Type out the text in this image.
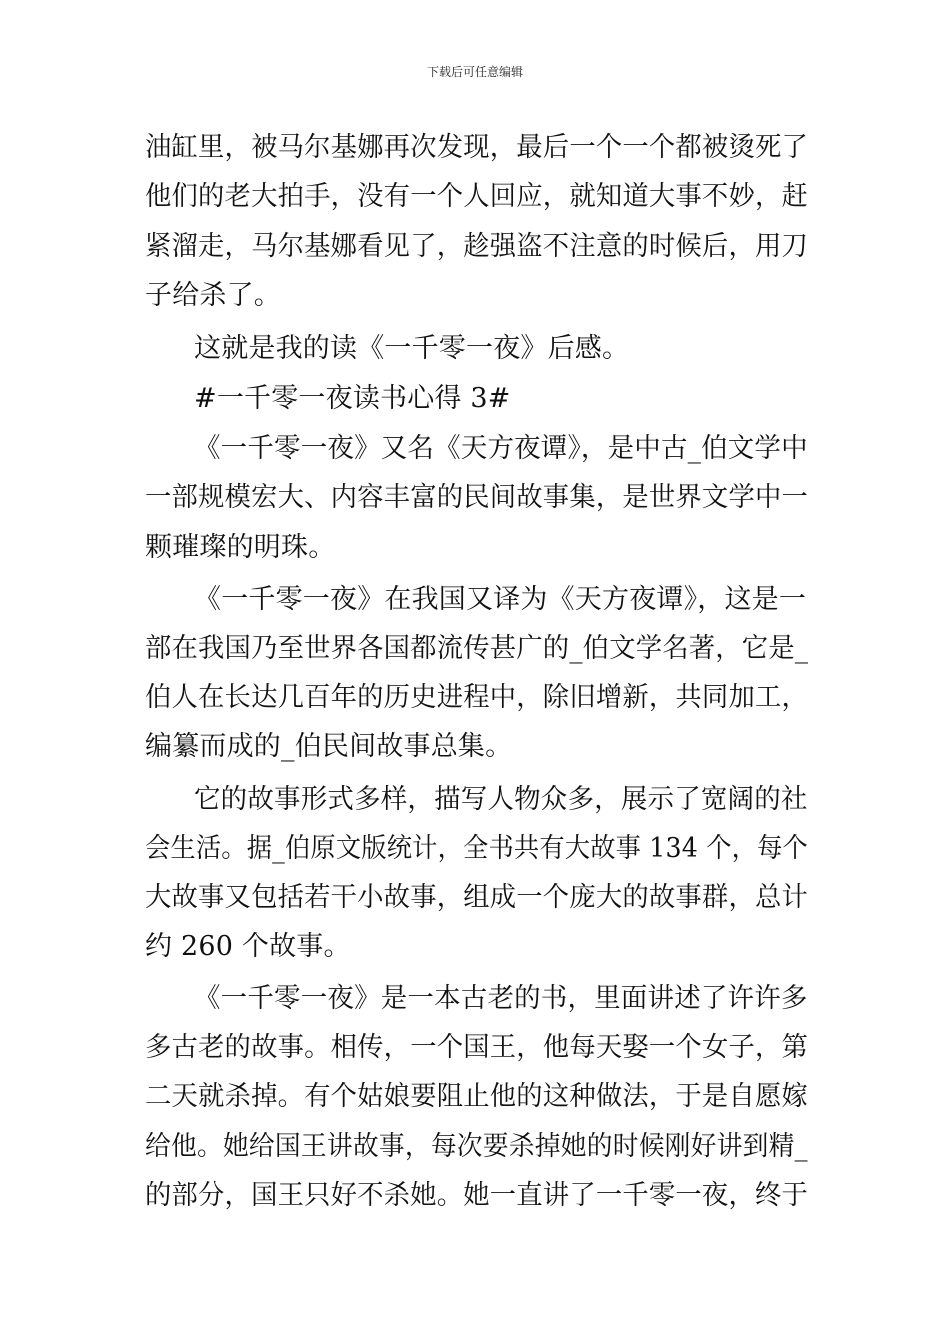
下载后可任意编辑
油缸里，被马尔基娜再次发现，最后一个一个都被烫死了
他们的老大拍手，没有一个人回应，就知道大事不妙，赶
紧溜走，马尔基娜看见了，趁强盗不注意的时候后，用刀
子给杀了。
这就是我的读《一千零一夜》后感。
#一千零一夜读书心得 3#
《一千零一夜》又名《天方夜谭》，是中古_伯文学中
一部规模宏大、内容丰富的民间故事集，是世界文学中一
颗璀璨的明珠。
《一千零一夜》在我国又译为《天方夜谭》，这是一
部在我国乃至世界各国都流传甚广的_伯文学名著，它是_
伯人在长达几百年的历史进程中，除旧增新，共同加工，
编纂而成的_伯民间故事总集。
它的故事形式多样，描写人物众多，展示了宽阔的社
会生活。据_伯原文版统计，全书共有大故事 134 个，每个
大故事又包括若干小故事，组成一个庞大的故事群，总计
约 260 个故事。
《一千零一夜》是一本古老的书，里面讲述了许许多
多古老的故事。相传，一个国王，他每天娶一个女子，第
二天就杀掉。有个姑娘要阻止他的这种做法，于是自愿嫁
给他。她给国王讲故事，每次要杀掉她的时候刚好讲到精_
的部分，国王只好不杀她。她一直讲了一千零一夜，终于
